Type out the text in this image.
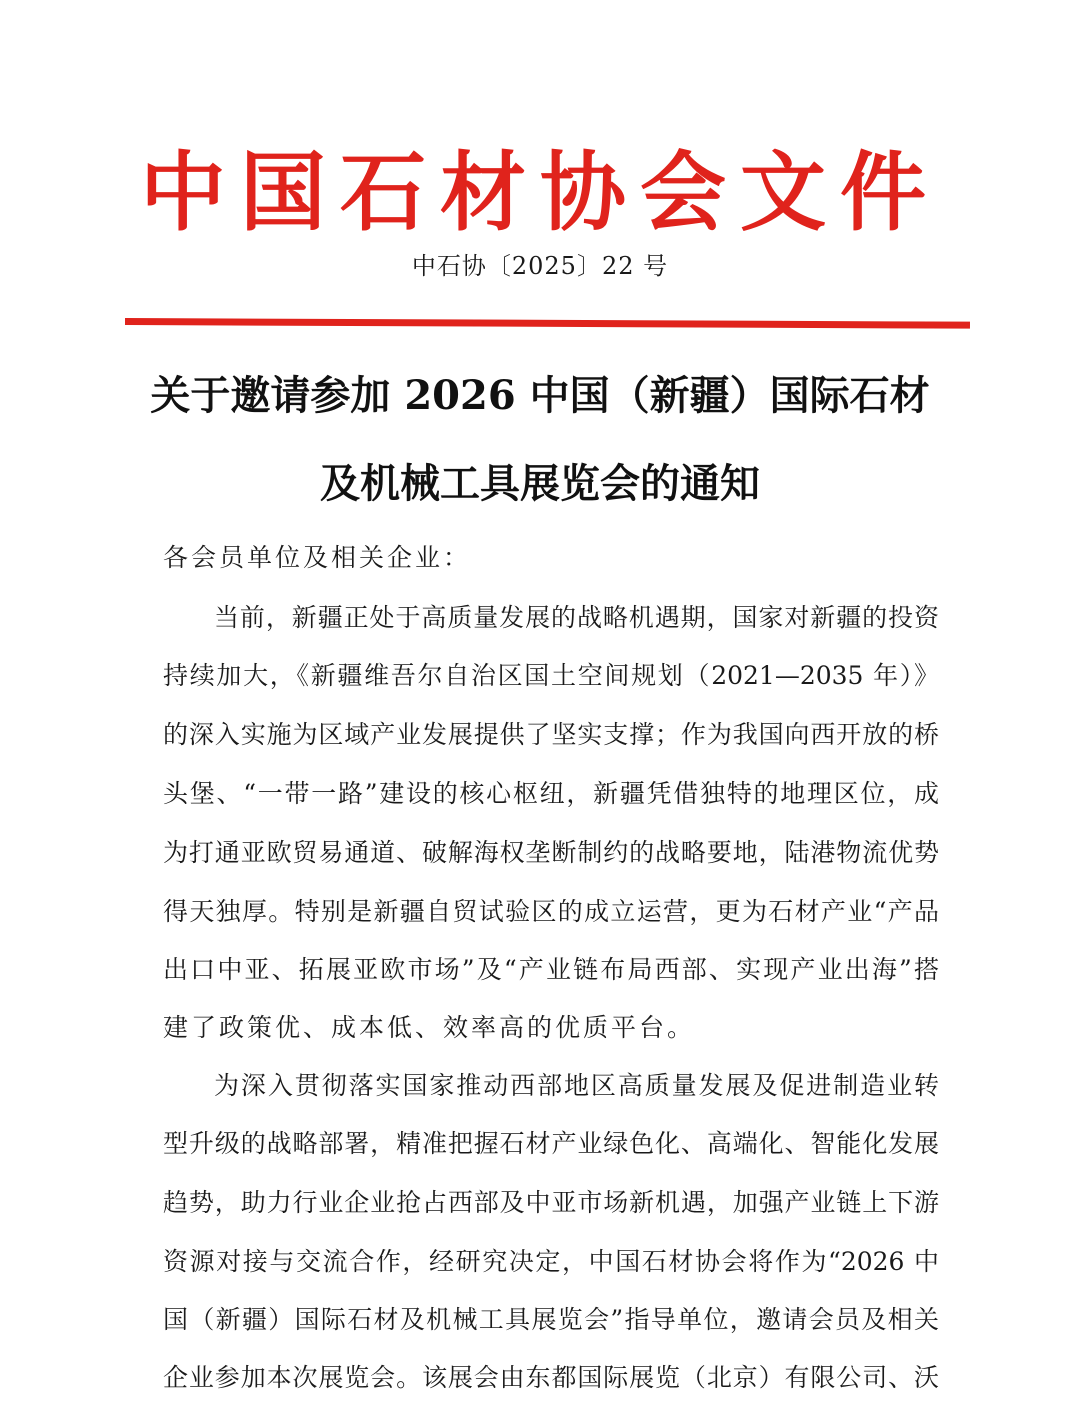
中国石材协会文件
中石协〔2025〕22 号
关于邀请参加 2026 中国（新疆）国际石材
及机械工具展览会的通知
各会员单位及相关企业：
当前，新疆正处于高质量发展的战略机遇期，国家对新疆的投资
持续加大，《新疆维吾尔自治区国土空间规划（2021—2035 年）》
的深入实施为区域产业发展提供了坚实支撑；作为我国向西开放的桥
头堡、“一带一路”建设的核心枢纽，新疆凭借独特的地理区位，成
为打通亚欧贸易通道、破解海权垄断制约的战略要地，陆港物流优势
得天独厚。特别是新疆自贸试验区的成立运营，更为石材产业“产品
出口中亚、拓展亚欧市场”及“产业链布局西部、实现产业出海”搭
建了政策优、成本低、效率高的优质平台。
为深入贯彻落实国家推动西部地区高质量发展及促进制造业转
型升级的战略部署，精准把握石材产业绿色化、高端化、智能化发展
趋势，助力行业企业抢占西部及中亚市场新机遇，加强产业链上下游
资源对接与交流合作，经研究决定，中国石材协会将作为“2026 中
国（新疆）国际石材及机械工具展览会”指导单位，邀请会员及相关
企业参加本次展览会。该展会由东都国际展览（北京）有限公司、沃
